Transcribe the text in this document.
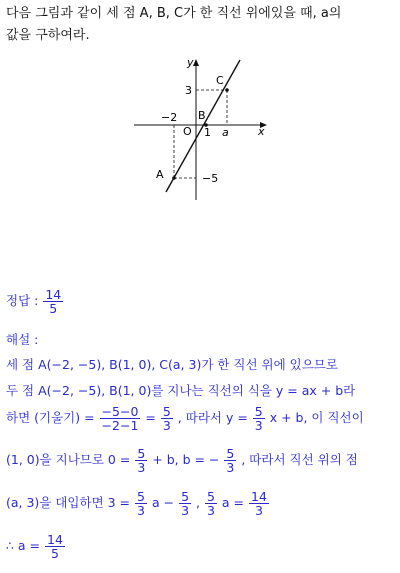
다음 그림과 같이 세 점 A, B, C가 한 직선 위에있을 때, a의
값을 구하여라.
y
x
C
B
A
O
3
−2
1 a
−5
정답 : $\frac{14}{5}$
해설 :
세 점 A(−2, −5), B(1, 0), C(a, 3)가 한 직선 위에 있으므로
두 점 A(−2, −5), B(1, 0)를 지나는 직선의 식을 y = ax + b라
하면 (기울기) = $\frac{-5-0}{-2-1} = \frac{5}{3}$ , 따라서 $y = \frac{5}{3}$ x + b, 이 직선이
(1, 0)을 지나므로 $0 = \frac{5}{3} + b$, b = − $\frac{5}{3}$ , 따라서 직선 위의 점
(a, 3)을 대입하면 $3 = \frac{5}{3}$ $a - \frac{5}{3}$ , $\frac{5}{3}$ $a = \frac{14}{3}$
∴ $a = \frac{14}{5}$
